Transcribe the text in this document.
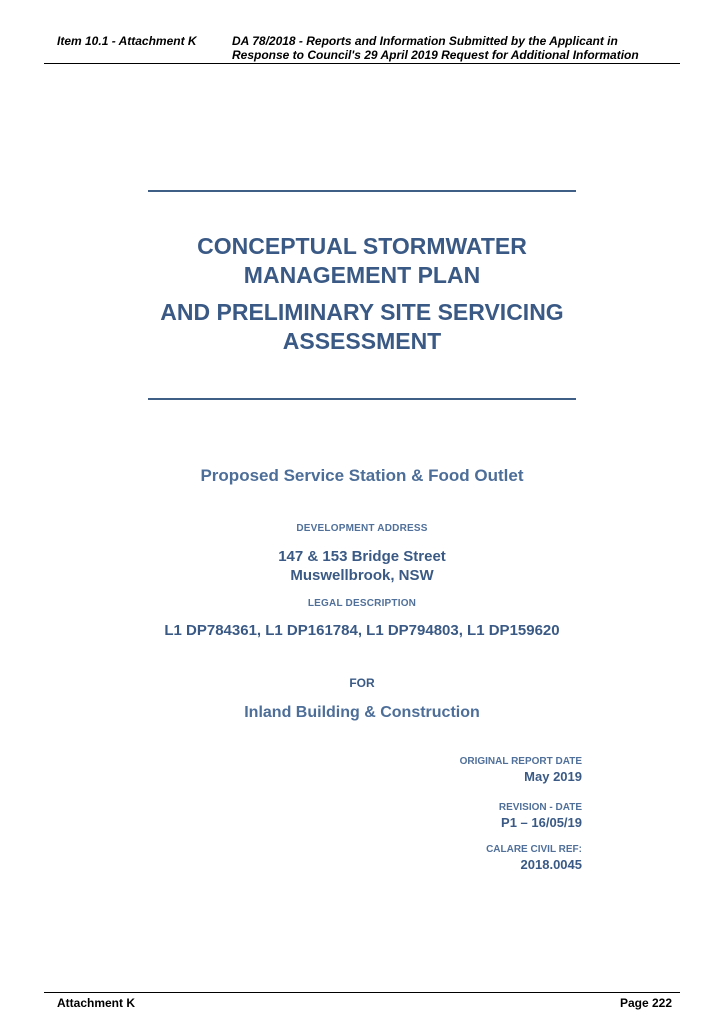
Item 10.1 - Attachment K	DA 78/2018 - Reports and Information Submitted by the Applicant in
Response to Council's 29 April 2019 Request for Additional Information
CONCEPTUAL STORMWATER
MANAGEMENT PLAN
AND PRELIMINARY SITE SERVICING
ASSESSMENT
Proposed Service Station & Food Outlet
DEVELOPMENT ADDRESS
147 & 153 Bridge Street
Muswellbrook, NSW
LEGAL DESCRIPTION
L1 DP784361, L1 DP161784, L1 DP794803, L1 DP159620
FOR
Inland Building & Construction
ORIGINAL REPORT DATE
May 2019
REVISION - DATE
P1 – 16/05/19
CALARE CIVIL REF:
2018.0045
Attachment K	Page 222
